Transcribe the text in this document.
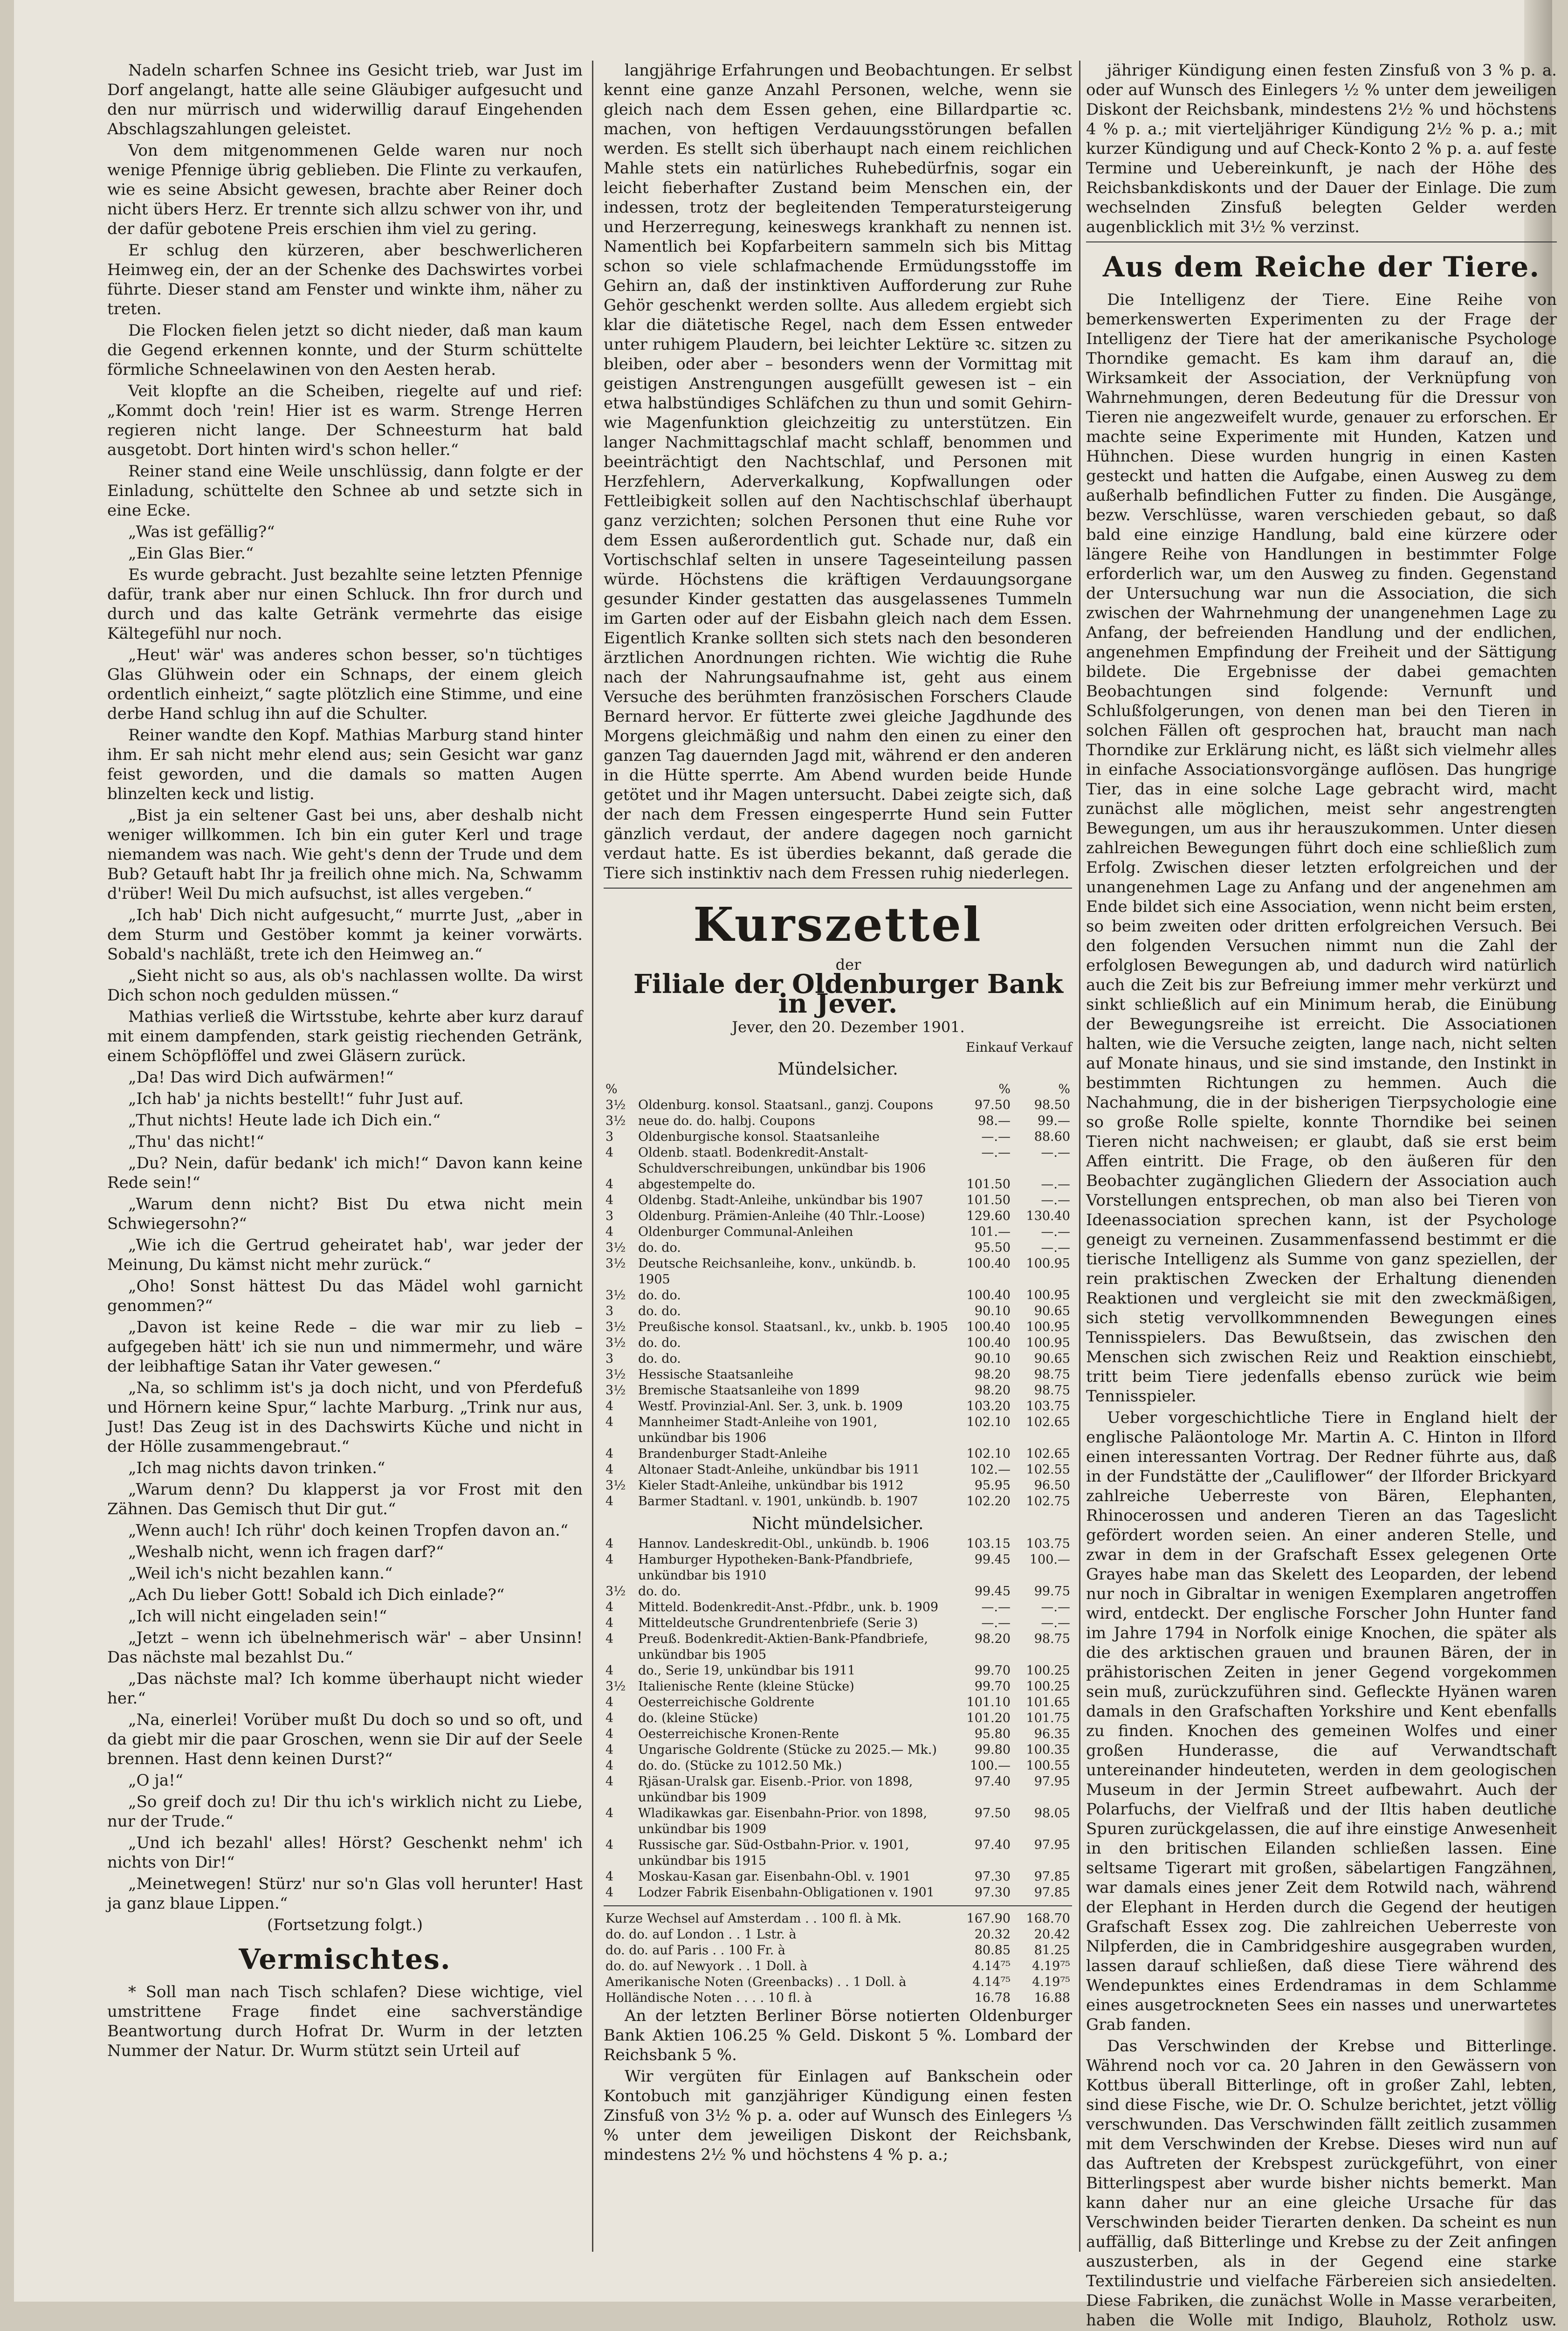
Nadeln scharfen Schnee ins Gesicht trieb, war Just im Dorf angelangt, hatte alle seine Gläubiger aufgesucht und den nur mürrisch und widerwillig darauf Eingehenden Abschlagszahlungen geleistet.

Von dem mitgenommenen Gelde waren nur noch wenige Pfennige übrig geblieben. Die Flinte zu verkaufen, wie es seine Absicht gewesen, brachte aber Reiner doch nicht übers Herz. Er trennte sich allzu schwer von ihr, und der dafür gebotene Preis erschien ihm viel zu gering.

Er schlug den kürzeren, aber beschwerlicheren Heimweg ein, der an der Schenke des Dachswirtes vorbei führte. Dieser stand am Fenster und winkte ihm, näher zu treten.

Die Flocken fielen jetzt so dicht nieder, daß man kaum die Gegend erkennen konnte, und der Sturm schüttelte förmliche Schneelawinen von den Aesten herab.

Veit klopfte an die Scheiben, riegelte auf und rief: „Kommt doch 'rein! Hier ist es warm. Strenge Herren regieren nicht lange. Der Schneesturm hat bald ausgetobt. Dort hinten wird's schon heller.“

Reiner stand eine Weile unschlüssig, dann folgte er der Einladung, schüttelte den Schnee ab und setzte sich in eine Ecke.

„Was ist gefällig?“

„Ein Glas Bier.“

Es wurde gebracht. Just bezahlte seine letzten Pfennige dafür, trank aber nur einen Schluck. Ihn fror durch und durch und das kalte Getränk vermehrte das eisige Kältegefühl nur noch.

„Heut' wär' was anderes schon besser, so'n tüchtiges Glas Glühwein oder ein Schnaps, der einem gleich ordentlich einheizt,“ sagte plötzlich eine Stimme, und eine derbe Hand schlug ihn auf die Schulter.

Reiner wandte den Kopf. Mathias Marburg stand hinter ihm. Er sah nicht mehr elend aus; sein Gesicht war ganz feist geworden, und die damals so matten Augen blinzelten keck und listig.

„Bist ja ein seltener Gast bei uns, aber deshalb nicht weniger willkommen. Ich bin ein guter Kerl und trage niemandem was nach. Wie geht's denn der Trude und dem Bub? Getauft habt Ihr ja freilich ohne mich. Na, Schwamm d'rüber! Weil Du mich aufsuchst, ist alles vergeben.“

„Ich hab' Dich nicht aufgesucht,“ murrte Just, „aber in dem Sturm und Gestöber kommt ja keiner vorwärts. Sobald's nachläßt, trete ich den Heimweg an.“

„Sieht nicht so aus, als ob's nachlassen wollte. Da wirst Dich schon noch gedulden müssen.“

Mathias verließ die Wirtsstube, kehrte aber kurz darauf mit einem dampfenden, stark geistig riechenden Getränk, einem Schöpflöffel und zwei Gläsern zurück.

„Da! Das wird Dich aufwärmen!“

„Ich hab' ja nichts bestellt!“ fuhr Just auf.

„Thut nichts! Heute lade ich Dich ein.“

„Thu' das nicht!“

„Du? Nein, dafür bedank' ich mich!“ Davon kann keine Rede sein!“

„Warum denn nicht? Bist Du etwa nicht mein Schwiegersohn?“

„Wie ich die Gertrud geheiratet hab', war jeder der Meinung, Du kämst nicht mehr zurück.“

„Oho! Sonst hättest Du das Mädel wohl garnicht genommen?“

„Davon ist keine Rede – die war mir zu lieb – aufgegeben hätt' ich sie nun und nimmermehr, und wäre der leibhaftige Satan ihr Vater gewesen.“

„Na, so schlimm ist's ja doch nicht, und von Pferdefuß und Hörnern keine Spur,“ lachte Marburg. „Trink nur aus, Just! Das Zeug ist in des Dachswirts Küche und nicht in der Hölle zusammengebraut.“

„Ich mag nichts davon trinken.“

„Warum denn? Du klapperst ja vor Frost mit den Zähnen. Das Gemisch thut Dir gut.“

„Wenn auch! Ich rühr' doch keinen Tropfen davon an.“

„Weshalb nicht, wenn ich fragen darf?“

„Weil ich's nicht bezahlen kann.“

„Ach Du lieber Gott! Sobald ich Dich einlade?“

„Ich will nicht eingeladen sein!“

„Jetzt – wenn ich übelnehmerisch wär' – aber Unsinn! Das nächste mal bezahlst Du.“

„Das nächste mal? Ich komme überhaupt nicht wieder her.“

„Na, einerlei! Vorüber mußt Du doch so und so oft, und da giebt mir die paar Groschen, wenn sie Dir auf der Seele brennen. Hast denn keinen Durst?“

„O ja!“

„So greif doch zu! Dir thu ich's wirklich nicht zu Liebe, nur der Trude.“

„Und ich bezahl' alles! Hörst? Geschenkt nehm' ich nichts von Dir!“

„Meinetwegen! Stürz' nur so'n Glas voll herunter! Hast ja ganz blaue Lippen.“

(Fortsetzung folgt.)

Vermischtes.

* Soll man nach Tisch schlafen? Diese wichtige, viel umstrittene Frage findet eine sachverständige Beantwortung durch Hofrat Dr. Wurm in der letzten Nummer der Natur. Dr. Wurm stützt sein Urteil auf

langjährige Erfahrungen und Beobachtungen. Er selbst kennt eine ganze Anzahl Personen, welche, wenn sie gleich nach dem Essen gehen, eine Billardpartie ꝛc. machen, von heftigen Verdauungsstörungen befallen werden. Es stellt sich überhaupt nach einem reichlichen Mahle stets ein natürliches Ruhebedürfnis, sogar ein leicht fieberhafter Zustand beim Menschen ein, der indessen, trotz der begleitenden Temperatursteigerung und Herzerregung, keineswegs krankhaft zu nennen ist. Namentlich bei Kopfarbeitern sammeln sich bis Mittag schon so viele schlafmachende Ermüdungsstoffe im Gehirn an, daß der instinktiven Aufforderung zur Ruhe Gehör geschenkt werden sollte. Aus alledem ergiebt sich klar die diätetische Regel, nach dem Essen entweder unter ruhigem Plaudern, bei leichter Lektüre ꝛc. sitzen zu bleiben, oder aber – besonders wenn der Vormittag mit geistigen Anstrengungen ausgefüllt gewesen ist – ein etwa halbstündiges Schläfchen zu thun und somit Gehirn- wie Magenfunktion gleichzeitig zu unterstützen. Ein langer Nachmittagschlaf macht schlaff, benommen und beeinträchtigt den Nachtschlaf, und Personen mit Herzfehlern, Aderverkalkung, Kopfwallungen oder Fettleibigkeit sollen auf den Nachtischschlaf überhaupt ganz verzichten; solchen Personen thut eine Ruhe vor dem Essen außerordentlich gut. Schade nur, daß ein Vortischschlaf selten in unsere Tageseinteilung passen würde. Höchstens die kräftigen Verdauungsorgane gesunder Kinder gestatten das ausgelassenes Tummeln im Garten oder auf der Eisbahn gleich nach dem Essen. Eigentlich Kranke sollten sich stets nach den besonderen ärztlichen Anordnungen richten. Wie wichtig die Ruhe nach der Nahrungsaufnahme ist, geht aus einem Versuche des berühmten französischen Forschers Claude Bernard hervor. Er fütterte zwei gleiche Jagdhunde des Morgens gleichmäßig und nahm den einen zu einer den ganzen Tag dauernden Jagd mit, während er den anderen in die Hütte sperrte. Am Abend wurden beide Hunde getötet und ihr Magen untersucht. Dabei zeigte sich, daß der nach dem Fressen eingesperrte Hund sein Futter gänzlich verdaut, der andere dagegen noch garnicht verdaut hatte. Es ist überdies bekannt, daß gerade die Tiere sich instinktiv nach dem Fressen ruhig niederlegen.

Kurszettel

der

Filiale der Oldenburger Bank in Jever.

Jever, den 20. Dezember 1901.

Einkauf Verkauf
Mündelsicher.
%		%	%
3½	Oldenburg. konsol. Staatsanl., ganzj. Coupons	97.50	98.50
3½	neue do. do. halbj. Coupons	98.—	99.—
3	Oldenburgische konsol. Staatsanleihe	—.—	88.60
4	Oldenb. staatl. Bodenkredit-Anstalt-Schuldverschreibungen, unkündbar bis 1906	—.—	—.—
4	abgestempelte do.	101.50	—.—
4	Oldenbg. Stadt-Anleihe, unkündbar bis 1907	101.50	—.—
3	Oldenburg. Prämien-Anleihe (40 Thlr.-Loose)	129.60	130.40
4	Oldenburger Communal-Anleihen	101.—	—.—
3½	do. do.	95.50	—.—
3½	Deutsche Reichsanleihe, konv., unkündb. b. 1905	100.40	100.95
3½	do. do.	100.40	100.95
3	do. do.	90.10	90.65
3½	Preußische konsol. Staatsanl., kv., unkb. b. 1905	100.40	100.95
3½	do. do.	100.40	100.95
3	do. do.	90.10	90.65
3½	Hessische Staatsanleihe	98.20	98.75
3½	Bremische Staatsanleihe von 1899	98.20	98.75
4	Westf. Provinzial-Anl. Ser. 3, unk. b. 1909	103.20	103.75
4	Mannheimer Stadt-Anleihe von 1901, unkündbar bis 1906	102.10	102.65
4	Brandenburger Stadt-Anleihe	102.10	102.65
4	Altonaer Stadt-Anleihe, unkündbar bis 1911	102.—	102.55
3½	Kieler Stadt-Anleihe, unkündbar bis 1912	95.95	96.50
4	Barmer Stadtanl. v. 1901, unkündb. b. 1907	102.20	102.75
Nicht mündelsicher.
4	Hannov. Landeskredit-Obl., unkündb. b. 1906	103.15	103.75
4	Hamburger Hypotheken-Bank-Pfandbriefe, unkündbar bis 1910	99.45	100.—
3½	do. do.	99.45	99.75
4	Mitteld. Bodenkredit-Anst.-Pfdbr., unk. b. 1909	—.—	—.—
4	Mitteldeutsche Grundrentenbriefe (Serie 3)	—.—	—.—
4	Preuß. Bodenkredit-Aktien-Bank-Pfandbriefe, unkündbar bis 1905	98.20	98.75
4	do., Serie 19, unkündbar bis 1911	99.70	100.25
3½	Italienische Rente (kleine Stücke)	99.70	100.25
4	Oesterreichische Goldrente	101.10	101.65
4	do. (kleine Stücke)	101.20	101.75
4	Oesterreichische Kronen-Rente	95.80	96.35
4	Ungarische Goldrente (Stücke zu 2025.— Mk.)	99.80	100.35
4	do. do. (Stücke zu 1012.50 Mk.)	100.—	100.55
4	Rjäsan-Uralsk gar. Eisenb.-Prior. von 1898, unkündbar bis 1909	97.40	97.95
4	Wladikawkas gar. Eisenbahn-Prior. von 1898, unkündbar bis 1909	97.50	98.05
4	Russische gar. Süd-Ostbahn-Prior. v. 1901, unkündbar bis 1915	97.40	97.95
4	Moskau-Kasan gar. Eisenbahn-Obl. v. 1901	97.30	97.85
4	Lodzer Fabrik Eisenbahn-Obligationen v. 1901	97.30	97.85
Kurze Wechsel auf Amsterdam . . 100 fl. à Mk.	167.90	168.70
do. do. auf London . . 1 Lstr. à	20.32	20.42
do. do. auf Paris . . 100 Fr. à	80.85	81.25
do. do. auf Newyork . . 1 Doll. à	4.14⁷⁵	4.19⁷⁵
Amerikanische Noten (Greenbacks) . . 1 Doll. à	4.14⁷⁵	4.19⁷⁵
Holländische Noten . . . . 10 fl. à	16.78	16.88

An der letzten Berliner Börse notierten Oldenburger Bank Aktien 106.25 % Geld. Diskont 5 %. Lombard der Reichsbank 5 %.

Wir vergüten für Einlagen auf Bankschein oder Kontobuch mit ganzjähriger Kündigung einen festen Zinsfuß von 3½ % p. a. oder auf Wunsch des Einlegers ⅓ % unter dem jeweiligen Diskont der Reichsbank, mindestens 2½ % und höchstens 4 % p. a.;

jähriger Kündigung einen festen Zinsfuß von 3 % p. a. oder auf Wunsch des Einlegers ½ % unter dem jeweiligen Diskont der Reichsbank, mindestens 2½ % und höchstens 4 % p. a.; mit vierteljähriger Kündigung 2½ % p. a.; mit kurzer Kündigung und auf Check-Konto 2 % p. a. auf feste Termine und Uebereinkunft, je nach der Höhe des Reichsbankdiskonts und der Dauer der Einlage. Die zum wechselnden Zinsfuß belegten Gelder werden augenblicklich mit 3½ % verzinst.

Aus dem Reiche der Tiere.

Die Intelligenz der Tiere. Eine Reihe von bemerkenswerten Experimenten zu der Frage der Intelligenz der Tiere hat der amerikanische Psychologe Thorndike gemacht. Es kam ihm darauf an, die Wirksamkeit der Association, der Verknüpfung von Wahrnehmungen, deren Bedeutung für die Dressur von Tieren nie angezweifelt wurde, genauer zu erforschen. Er machte seine Experimente mit Hunden, Katzen und Hühnchen. Diese wurden hungrig in einen Kasten gesteckt und hatten die Aufgabe, einen Ausweg zu dem außerhalb befindlichen Futter zu finden. Die Ausgänge, bezw. Verschlüsse, waren verschieden gebaut, so daß bald eine einzige Handlung, bald eine kürzere oder längere Reihe von Handlungen in bestimmter Folge erforderlich war, um den Ausweg zu finden. Gegenstand der Untersuchung war nun die Association, die sich zwischen der Wahrnehmung der unangenehmen Lage zu Anfang, der befreienden Handlung und der endlichen, angenehmen Empfindung der Freiheit und der Sättigung bildete. Die Ergebnisse der dabei gemachten Beobachtungen sind folgende: Vernunft und Schlußfolgerungen, von denen man bei den Tieren in solchen Fällen oft gesprochen hat, braucht man nach Thorndike zur Erklärung nicht, es läßt sich vielmehr alles in einfache Associationsvorgänge auflösen. Das hungrige Tier, das in eine solche Lage gebracht wird, macht zunächst alle möglichen, meist sehr angestrengten Bewegungen, um aus ihr herauszukommen. Unter diesen zahlreichen Bewegungen führt doch eine schließlich zum Erfolg. Zwischen dieser letzten erfolgreichen und der unangenehmen Lage zu Anfang und der angenehmen am Ende bildet sich eine Association, wenn nicht beim ersten, so beim zweiten oder dritten erfolgreichen Versuch. Bei den folgenden Versuchen nimmt nun die Zahl der erfolglosen Bewegungen ab, und dadurch wird natürlich auch die Zeit bis zur Befreiung immer mehr verkürzt und sinkt schließlich auf ein Minimum herab, die Einübung der Bewegungsreihe ist erreicht. Die Associationen halten, wie die Versuche zeigten, lange nach, nicht selten auf Monate hinaus, und sie sind imstande, den Instinkt in bestimmten Richtungen zu hemmen. Auch die Nachahmung, die in der bisherigen Tierpsychologie eine so große Rolle spielte, konnte Thorndike bei seinen Tieren nicht nachweisen; er glaubt, daß sie erst beim Affen eintritt. Die Frage, ob den äußeren für den Beobachter zugänglichen Gliedern der Association auch Vorstellungen entsprechen, ob man also bei Tieren von Ideenassociation sprechen kann, ist der Psychologe geneigt zu verneinen. Zusammenfassend bestimmt er die tierische Intelligenz als Summe von ganz speziellen, der rein praktischen Zwecken der Erhaltung dienenden Reaktionen und vergleicht sie mit den zweckmäßigen, sich stetig vervollkommnenden Bewegungen eines Tennisspielers. Das Bewußtsein, das zwischen den Menschen sich zwischen Reiz und Reaktion einschiebt, tritt beim Tiere jedenfalls ebenso zurück wie beim Tennisspieler.

Ueber vorgeschichtliche Tiere in England hielt der englische Paläontologe Mr. Martin A. C. Hinton in Ilford einen interessanten Vortrag. Der Redner führte aus, daß in der Fundstätte der „Cauliflower“ der Ilforder Brickyard zahlreiche Ueberreste von Bären, Elephanten, Rhinocerossen und anderen Tieren an das Tageslicht gefördert worden seien. An einer anderen Stelle, und zwar in dem in der Grafschaft Essex gelegenen Orte Grayes habe man das Skelett des Leoparden, der lebend nur noch in Gibraltar in wenigen Exemplaren angetroffen wird, entdeckt. Der englische Forscher John Hunter fand im Jahre 1794 in Norfolk einige Knochen, die später als die des arktischen grauen und braunen Bären, der in prähistorischen Zeiten in jener Gegend vorgekommen sein muß, zurückzuführen sind. Gefleckte Hyänen waren damals in den Grafschaften Yorkshire und Kent ebenfalls zu finden. Knochen des gemeinen Wolfes und einer großen Hunderasse, die auf Verwandtschaft untereinander hindeuteten, werden in dem geologischen Museum in der Jermin Street aufbewahrt. Auch der Polarfuchs, der Vielfraß und der Iltis haben deutliche Spuren zurückgelassen, die auf ihre einstige Anwesenheit in den britischen Eilanden schließen lassen. Eine seltsame Tigerart mit großen, säbelartigen Fangzähnen, war damals eines jener Zeit dem Rotwild nach, während der Elephant in Herden durch die Gegend der heutigen Grafschaft Essex zog. Die zahlreichen Ueberreste von Nilpferden, die in Cambridgeshire ausgegraben wurden, lassen darauf schließen, daß diese Tiere während des Wendepunktes eines Erdendramas in dem Schlamme eines ausgetrockneten Sees ein nasses und unerwartetes Grab fanden.

Das Verschwinden der Krebse und Bitterlinge. Während noch vor ca. 20 Jahren in den Gewässern von Kottbus überall Bitterlinge, oft in großer Zahl, lebten, sind diese Fische, wie Dr. O. Schulze berichtet, jetzt völlig verschwunden. Das Verschwinden fällt zeitlich zusammen mit dem Verschwinden der Krebse. Dieses wird nun auf das Auftreten der Krebspest zurückgeführt, von einer Bitterlingspest aber wurde bisher nichts bemerkt. Man kann daher nur an eine gleiche Ursache für das Verschwinden beider Tierarten denken. Da scheint es nun auffällig, daß Bitterlinge und Krebse zu der Zeit anfingen auszusterben, als in der Gegend eine starke Textilindustrie und vielfache Färbereien sich ansiedelten. Diese Fabriken, die zunächst Wolle in Masse verarbeiten, haben die Wolle mit Indigo, Blauholz, Rotholz usw.
